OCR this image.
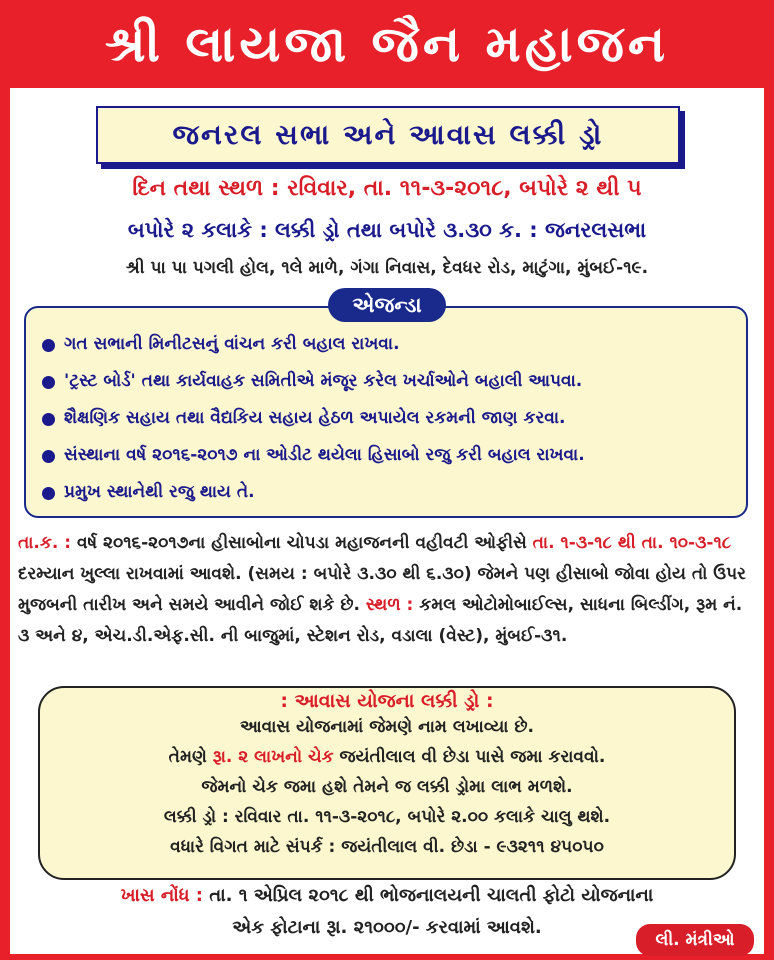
શ્રી લાયજા જૈન મહાજન
જનરલ સભા અને આવાસ લક્કી ડ્રો
દિન તથા સ્થળ : રવિવાર, તા. ૧૧-૩-૨૦૧૮, બપોરે ૨ થી ૫
બપોરે ૨ કલાકે : લક્કી ડ્રો તથા બપોરે ૩.૩૦ ક. : જનરલસભા
શ્રી પા પા પગલી હોલ, ૧લે માળે, ગંગા નિવાસ, દેવધર રોડ, માટુંગા, મુંબઈ-૧૯.
એજન્ડા
ગત સભાની મિનીટસનું વાંચન કરી બહાલ રાખવા.
'ટ્રસ્ટ બોર્ડ' તથા કાર્યવાહક સમિતીએ મંજૂર કરેલ ખર્ચાઓને બહાલી આપવા.
શૈક્ષણિક સહાય તથા વૈદ્યકિય સહાય હેઠળ અપાયેલ રકમની જાણ કરવા.
સંસ્થાના વર્ષ ૨૦૧૬-૨૦૧૭ ના ઓડીટ થયેલા હિસાબો રજુ કરી બહાલ રાખવા.
પ્રમુખ સ્થાનેથી રજુ થાય તે.
તા.ક. : વર્ષ ૨૦૧૬-૨૦૧૭ના હીસાબોના ચોપડા મહાજનની વહીવટી ઓફીસે તા. ૧-૩-૧૮ થી તા. ૧૦-૩-૧૮ દરમ્યાન ખુલ્લા રાખવામાં આવશે. (સમય : બપોરે ૩.૩૦ થી ૬.૩૦) જેમને પણ હીસાબો જોવા હોય તો ઉપર મુજબની તારીખ અને સમયે આવીને જોઈ શકે છે. સ્થળ : કમલ ઓટોમોબાઈલ્સ, સાધના બિલ્ડીંગ, રૂમ નં. ૩ અને ૪, એચ.ડી.એફ.સી. ની બાજુમાં, સ્ટેશન રોડ, વડાલા (વેસ્ટ), મુંબઈ-૩૧.
: આવાસ યોજના લક્કી ડ્રો :
આવાસ યોજનામાં જેમણે નામ લખાવ્યા છે.
તેમણે રૂા. ૨ લાખનો ચેક જયંતીલાલ વી છેડા પાસે જમા કરાવવો.
જેમનો ચેક જમા હશે તેમને જ લક્કી ડ્રોમા લાભ મળશે.
લક્કી ડ્રો : રવિવાર તા. ૧૧-૩-૨૦૧૮, બપોરે ૨.૦૦ કલાકે ચાલુ થશે.
વધારે વિગત માટે સંપર્ક : જયંતીલાલ વી. છેડા - ૯૩૨૧૧ ૪૫૦૫૦
ખાસ નોંધ : તા. ૧ એપ્રિલ ૨૦૧૮ થી ભોજનાલયની ચાલતી ફોટો યોજનાના
એક ફોટાના રૂા. ૨૧૦૦૦/- કરવામાં આવશે.
લી. મંત્રીઓ
